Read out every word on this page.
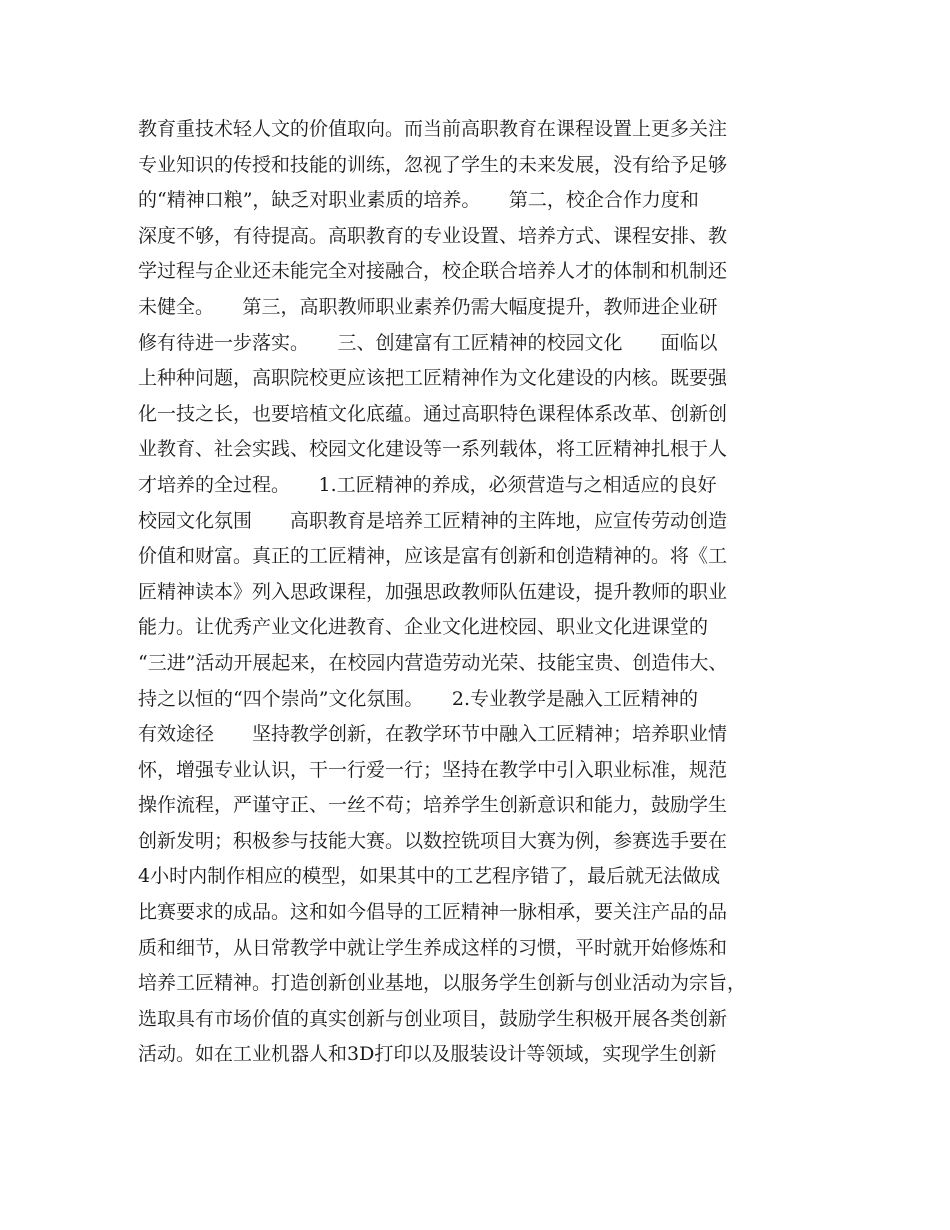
教育重技术轻人文的价值取向。而当前高职教育在课程设置上更多关注
专业知识的传授和技能的训练，忽视了学生的未来发展，没有给予足够
的“精神口粮”，缺乏对职业素质的培养。　　第二，校企合作力度和
深度不够，有待提高。高职教育的专业设置、培养方式、课程安排、教
学过程与企业还未能完全对接融合，校企联合培养人才的体制和机制还
未健全。　　第三，高职教师职业素养仍需大幅度提升，教师进企业研
修有待进一步落实。　　三、创建富有工匠精神的校园文化　　面临以
上种种问题，高职院校更应该把工匠精神作为文化建设的内核。既要强
化一技之长，也要培植文化底蕴。通过高职特色课程体系改革、创新创
业教育、社会实践、校园文化建设等一系列载体，将工匠精神扎根于人
才培养的全过程。　　1.工匠精神的养成，必须营造与之相适应的良好
校园文化氛围　　高职教育是培养工匠精神的主阵地，应宣传劳动创造
价值和财富。真正的工匠精神，应该是富有创新和创造精神的。将《工
匠精神读本》列入思政课程，加强思政教师队伍建设，提升教师的职业
能力。让优秀产业文化进教育、企业文化进校园、职业文化进课堂的
“三进”活动开展起来，在校园内营造劳动光荣、技能宝贵、创造伟大、
持之以恒的“四个崇尚”文化氛围。　　2.专业教学是融入工匠精神的
有效途径　　坚持教学创新，在教学环节中融入工匠精神；培养职业情
怀，增强专业认识，干一行爱一行；坚持在教学中引入职业标准，规范
操作流程，严谨守正、一丝不苟；培养学生创新意识和能力，鼓励学生
创新发明；积极参与技能大赛。以数控铣项目大赛为例，参赛选手要在
4小时内制作相应的模型，如果其中的工艺程序错了，最后就无法做成
比赛要求的成品。这和如今倡导的工匠精神一脉相承，要关注产品的品
质和细节，从日常教学中就让学生养成这样的习惯，平时就开始修炼和
培养工匠精神。打造创新创业基地，以服务学生创新与创业活动为宗旨，
选取具有市场价值的真实创新与创业项目，鼓励学生积极开展各类创新
活动。如在工业机器人和3D打印以及服装设计等领域，实现学生创新
